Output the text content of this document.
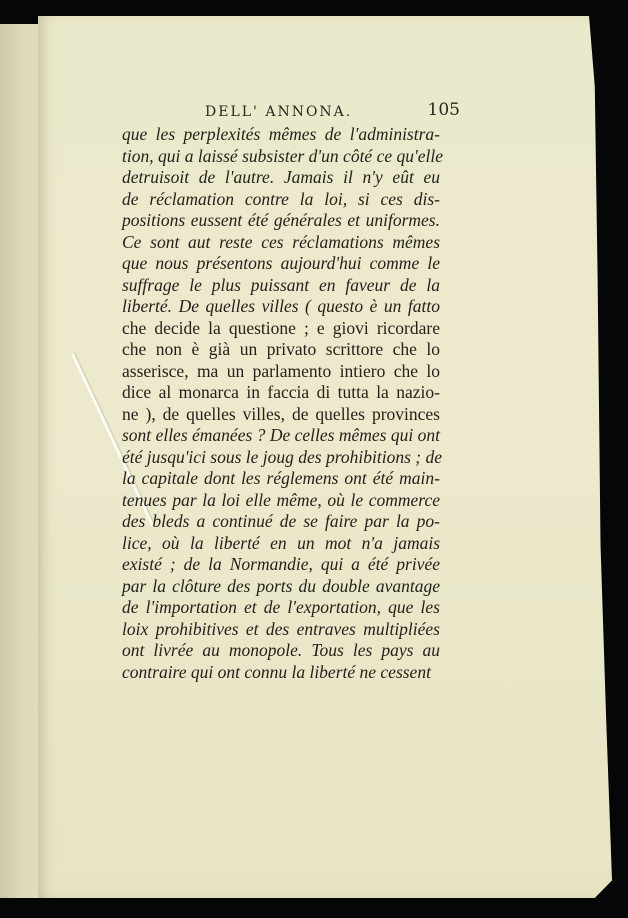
DELL' ANNONA.	105
que les perplexités mêmes de l'administra-
tion, qui a laissé subsister d'un côté ce qu'elle
detruisoit de l'autre. Jamais il n'y eût eu
de réclamation contre la loi, si ces dis-
positions eussent été générales et uniformes.
Ce sont aut reste ces réclamations mêmes
que nous présentons aujourd'hui comme le
suffrage le plus puissant en faveur de la
liberté. De quelles villes ( questo è un fatto
che decide la questione ; e giovi ricordare
che non è già un privato scrittore che lo
asserisce, ma un parlamento intiero che lo
dice al monarca in faccia di tutta la nazio-
ne ), de quelles villes, de quelles provinces
sont elles émanées ? De celles mêmes qui ont
été jusqu'ici sous le joug des prohibitions ; de
la capitale dont les réglemens ont été main-
tenues par la loi elle même, où le commerce
des bleds a continué de se faire par la po-
lice, où la liberté en un mot n'a jamais
existé ; de la Normandie, qui a été privée
par la clôture des ports du double avantage
de l'importation et de l'exportation, que les
loix prohibitives et des entraves multipliées
ont livrée au monopole. Tous les pays au
contraire qui ont connu la liberté ne cessent
